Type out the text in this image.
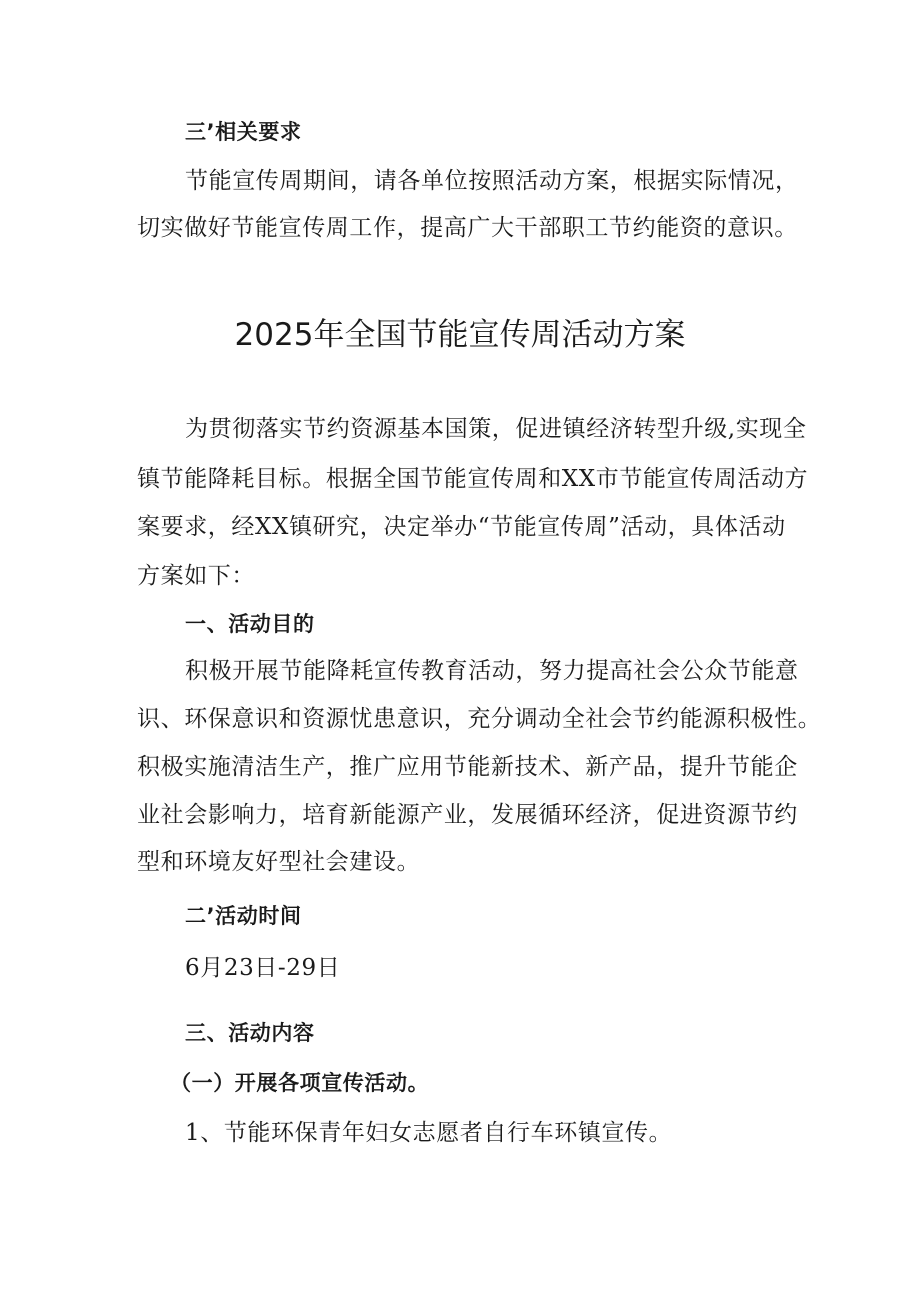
三’相关要求
节能宣传周期间，请各单位按照活动方案，根据实际情况，
切实做好节能宣传周工作，提高广大干部职工节约能资的意识。
2025年全国节能宣传周活动方案
为贯彻落实节约资源基本国策，促进镇经济转型升级,实现全
镇节能降耗目标。根据全国节能宣传周和XX市节能宣传周活动方
案要求，经XX镇研究，决定举办“节能宣传周”活动，具体活动
方案如下：
一、活动目的
积极开展节能降耗宣传教育活动，努力提高社会公众节能意
识、环保意识和资源忧患意识，充分调动全社会节约能源积极性。
积极实施清洁生产，推广应用节能新技术、新产品，提升节能企
业社会影响力，培育新能源产业，发展循环经济，促进资源节约
型和环境友好型社会建设。
二’活动时间
6月23日-29日
三、活动内容
（一）开展各项宣传活动。
1、节能环保青年妇女志愿者自行车环镇宣传。
